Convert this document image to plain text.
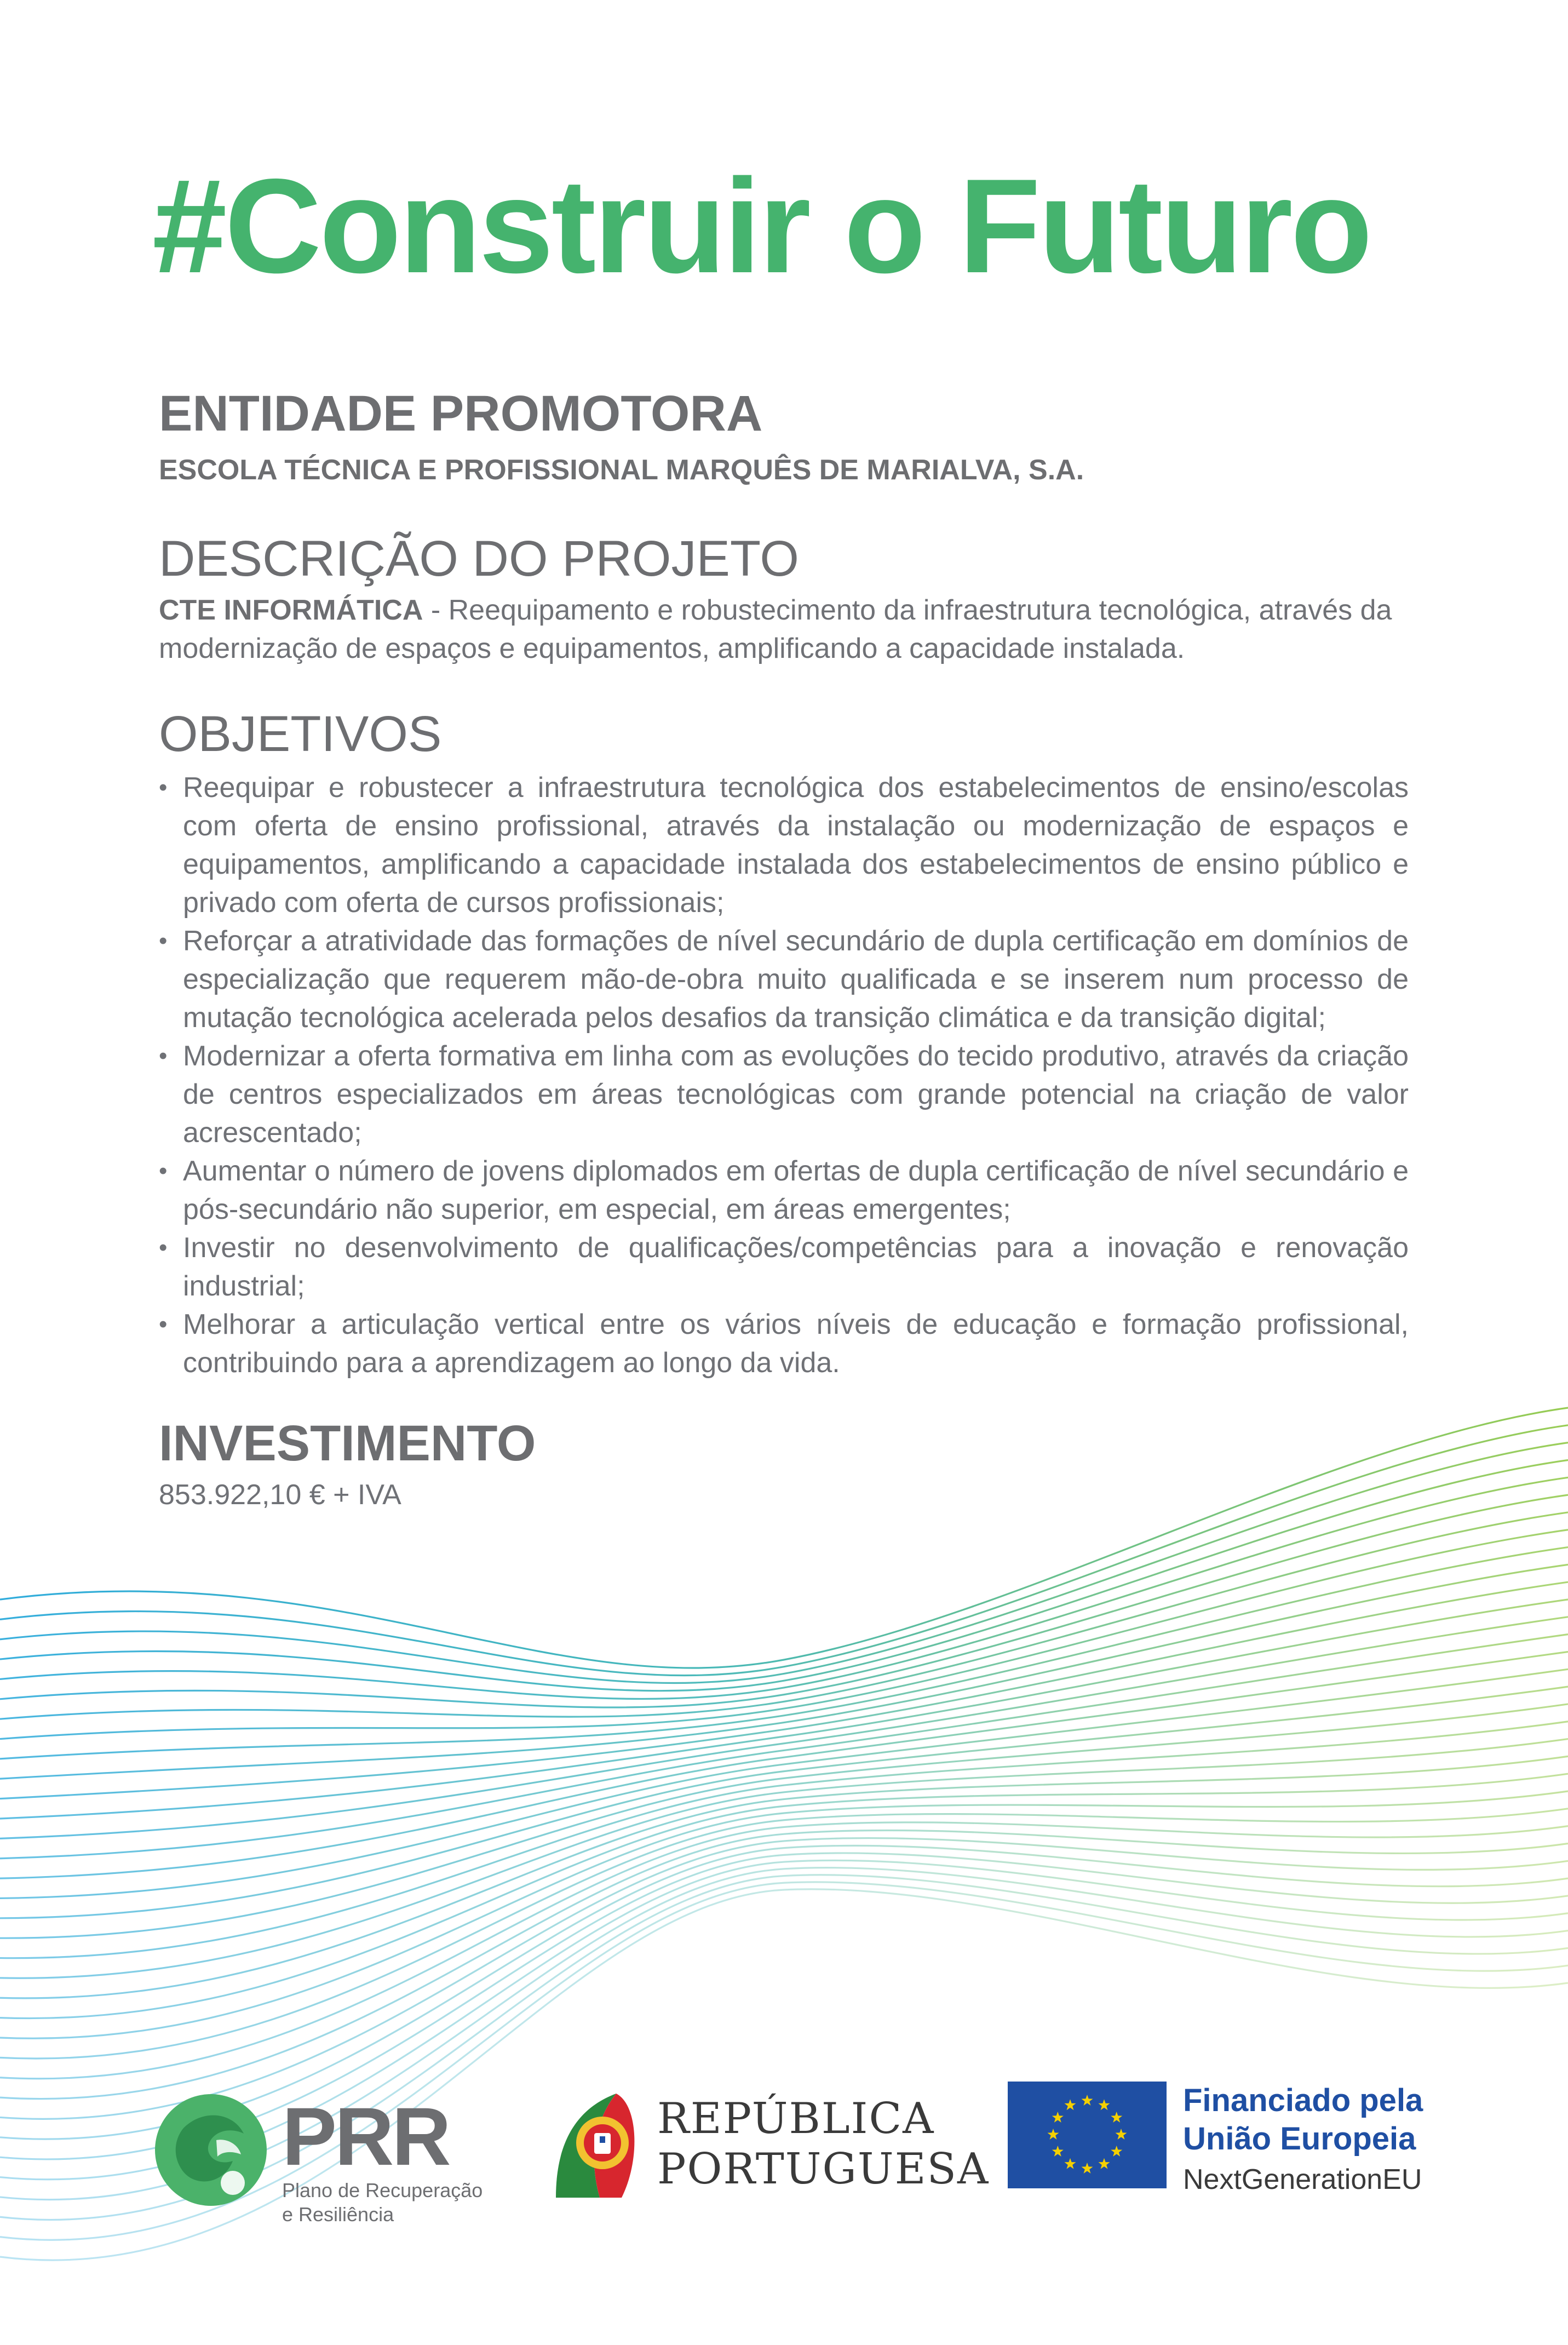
#Construir o Futuro
ENTIDADE PROMOTORA
ESCOLA TÉCNICA E PROFISSIONAL MARQUÊS DE MARIALVA, S.A.
DESCRIÇÃO DO PROJETO
CTE INFORMÁTICA - Reequipamento e robustecimento da infraestrutura tecnológica, através da modernização de espaços e equipamentos, amplificando a capacidade instalada.
OBJETIVOS
• Reequipar e robustecer a infraestrutura tecnológica dos estabelecimentos de ensino/escolas com oferta de ensino profissional, através da instalação ou modernização de espaços e equipamentos, amplificando a capacidade instalada dos estabelecimentos de ensino público e privado com oferta de cursos profissionais;
• Reforçar a atratividade das formações de nível secundário de dupla certificação em domínios de especialização que requerem mão-de-obra muito qualificada e se inserem num processo de mutação tecnológica acelerada pelos desafios da transição climática e da transição digital;
• Modernizar a oferta formativa em linha com as evoluções do tecido produtivo, através da criação de centros especializados em áreas tecnológicas com grande potencial na criação de valor acrescentado;
• Aumentar o número de jovens diplomados em ofertas de dupla certificação de nível secundário e pós-secundário não superior, em especial, em áreas emergentes;
• Investir no desenvolvimento de qualificações/competências para a inovação e renovação industrial;
• Melhorar a articulação vertical entre os vários níveis de educação e formação profissional, contribuindo para a aprendizagem ao longo da vida.
INVESTIMENTO
853.922,10 € + IVA
PRR
Plano de Recuperação
e Resiliência
REPÚBLICA
PORTUGUESA
Financiado pela
União Europeia
NextGenerationEU
